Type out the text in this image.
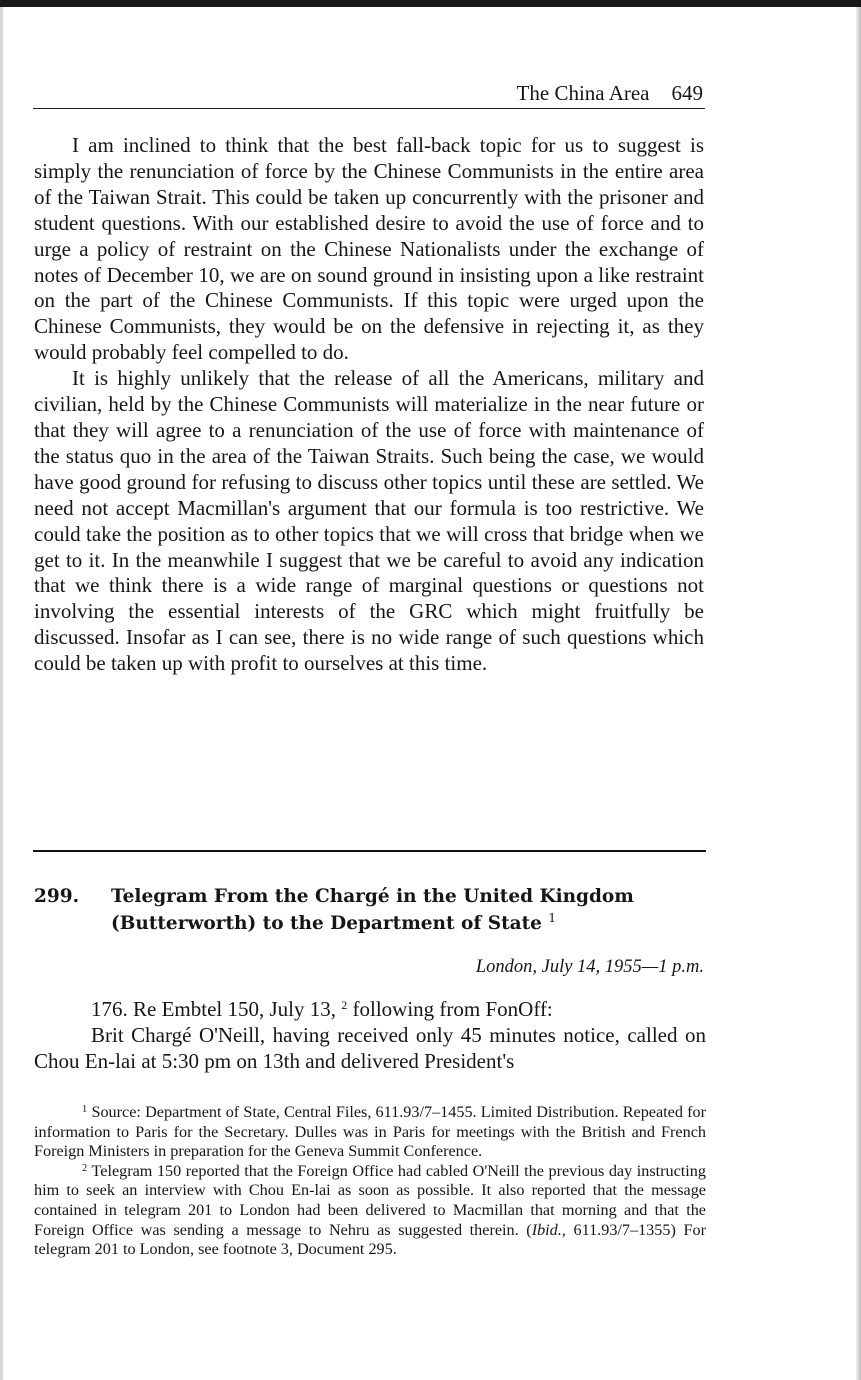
The China Area 649

I am inclined to think that the best fall-back topic for us to suggest is simply the renunciation of force by the Chinese Communists in the entire area of the Taiwan Strait. This could be taken up concurrently with the prisoner and student questions. With our established desire to avoid the use of force and to urge a policy of restraint on the Chinese Nationalists under the exchange of notes of December 10, we are on sound ground in insisting upon a like restraint on the part of the Chinese Communists. If this topic were urged upon the Chinese Communists, they would be on the defensive in rejecting it, as they would probably feel compelled to do.

It is highly unlikely that the release of all the Americans, military and civilian, held by the Chinese Communists will materialize in the near future or that they will agree to a renunciation of the use of force with maintenance of the status quo in the area of the Taiwan Straits. Such being the case, we would have good ground for refusing to discuss other topics until these are settled. We need not accept Macmillan's argument that our formula is too restrictive. We could take the position as to other topics that we will cross that bridge when we get to it. In the meanwhile I suggest that we be careful to avoid any indication that we think there is a wide range of marginal questions or questions not involving the essential interests of the GRC which might fruitfully be discussed. Insofar as I can see, there is no wide range of such questions which could be taken up with profit to ourselves at this time.

299. Telegram From the Chargé in the United Kingdom (Butterworth) to the Department of State $^1$
London, July 14, 1955—1 p.m.

176. Re Embtel 150, July 13, $^2$ following from FonOff:

Brit Chargé O'Neill, having received only 45 minutes notice, called on Chou En-lai at 5:30 pm on 13th and delivered President's

$^1$ Source: Department of State, Central Files, 611.93/7–1455. Limited Distribution. Repeated for information to Paris for the Secretary. Dulles was in Paris for meetings with the British and French Foreign Ministers in preparation for the Geneva Summit Conference.

$^2$ Telegram 150 reported that the Foreign Office had cabled O'Neill the previous day instructing him to seek an interview with Chou En-lai as soon as possible. It also reported that the message contained in telegram 201 to London had been delivered to Macmillan that morning and that the Foreign Office was sending a message to Nehru as suggested therein. (Ibid., 611.93/7–1355) For telegram 201 to London, see footnote 3, Document 295.
